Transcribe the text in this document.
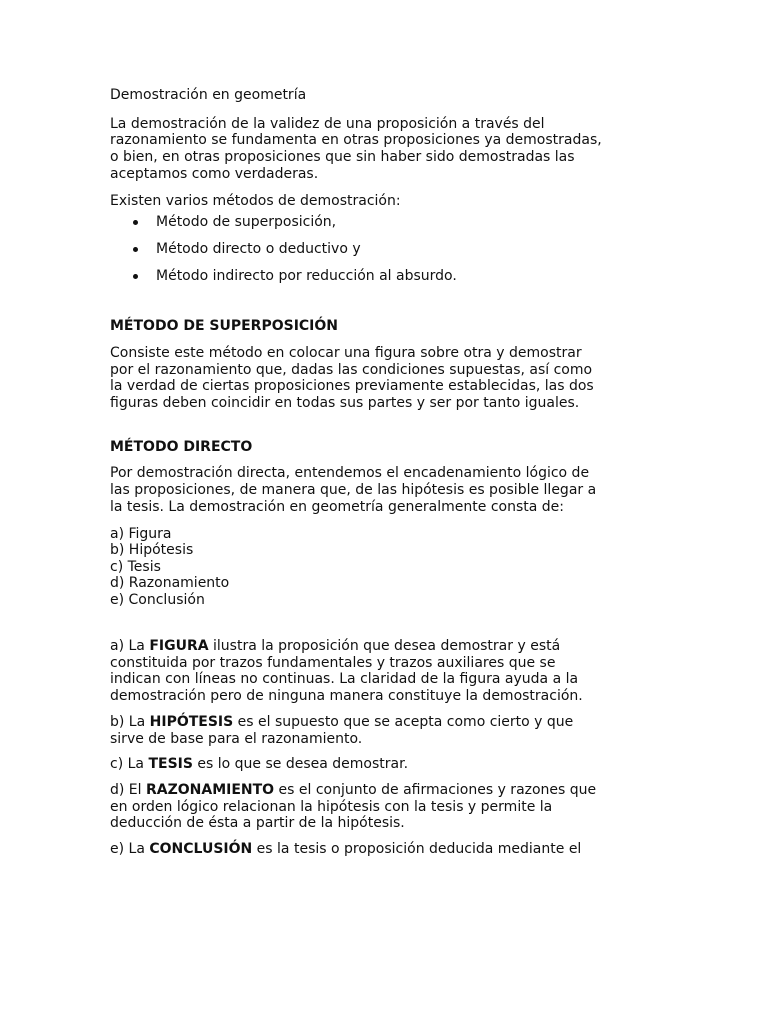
Demostración en geometría

La demostración de la validez de una proposición a través del razonamiento se fundamenta en otras proposiciones ya demostradas, o bien, en otras proposiciones que sin haber sido demostradas las aceptamos como verdaderas.

Existen varios métodos de demostración:

Método de superposición,
Método directo o deductivo y
Método indirecto por reducción al absurdo.

MÉTODO DE SUPERPOSICIÓN

Consiste este método en colocar una figura sobre otra y demostrar por el razonamiento que, dadas las condiciones supuestas, así como la verdad de ciertas proposiciones previamente establecidas, las dos figuras deben coincidir en todas sus partes y ser por tanto iguales.

MÉTODO DIRECTO

Por demostración directa, entendemos el encadenamiento lógico de las proposiciones, de manera que, de las hipótesis es posible llegar a la tesis. La demostración en geometría generalmente consta de:

a) Figura
b) Hipótesis
c) Tesis
d) Razonamiento
e) Conclusión

a) La FIGURA ilustra la proposición que desea demostrar y está constituida por trazos fundamentales y trazos auxiliares que se indican con líneas no continuas. La claridad de la figura ayuda a la demostración pero de ninguna manera constituye la demostración.

b) La HIPÓTESIS es el supuesto que se acepta como cierto y que sirve de base para el razonamiento.

c) La TESIS es lo que se desea demostrar.

d) El RAZONAMIENTO es el conjunto de afirmaciones y razones que en orden lógico relacionan la hipótesis con la tesis y permite la deducción de ésta a partir de la hipótesis.

e) La CONCLUSIÓN es la tesis o proposición deducida mediante el
